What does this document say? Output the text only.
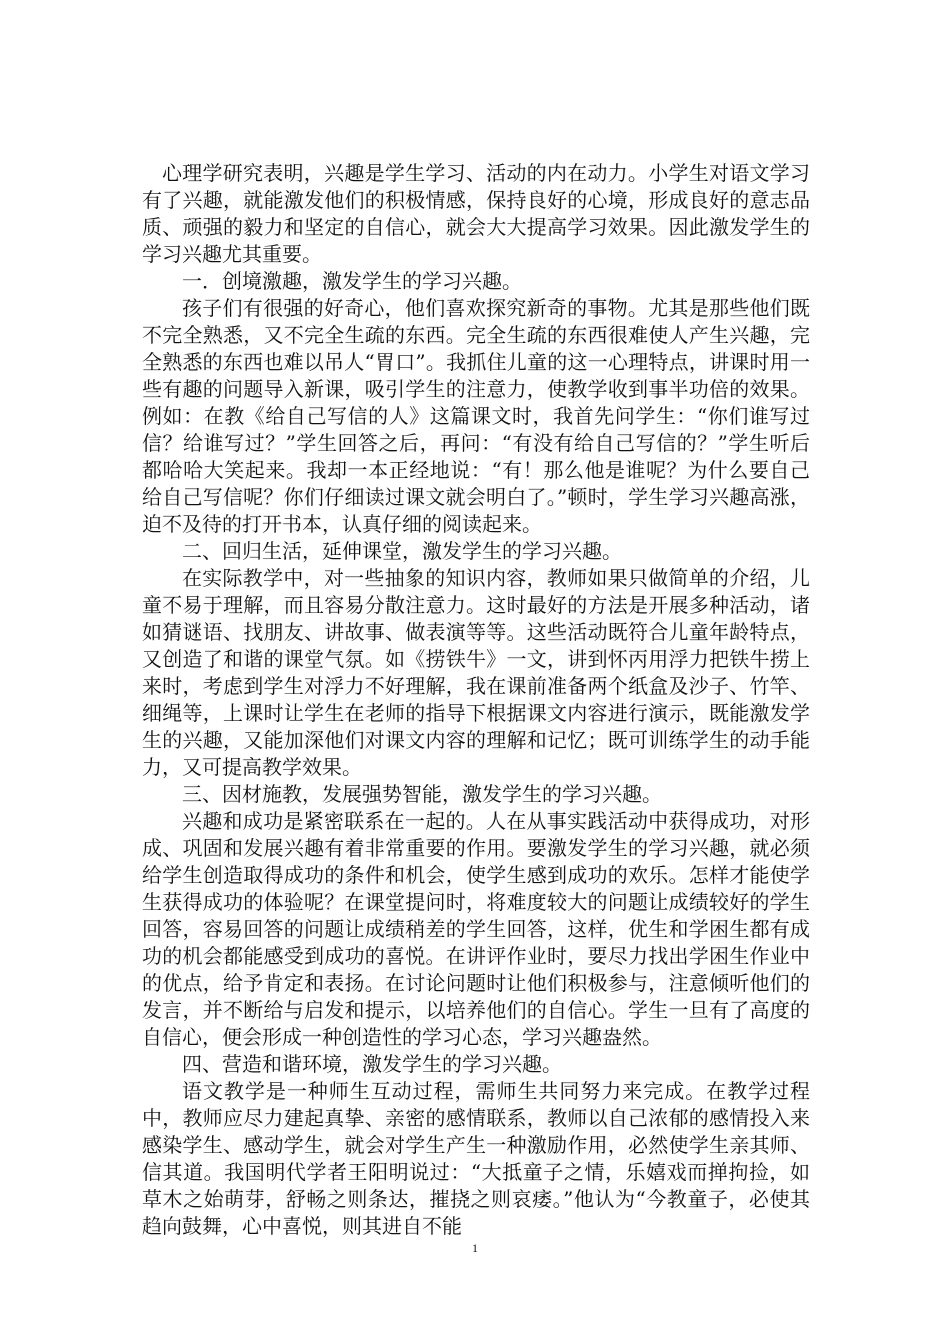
心理学研究表明，兴趣是学生学习、活动的内在动力。小学生对语文学习有了兴趣，就能激发他们的积极情感，保持良好的心境，形成良好的意志品质、顽强的毅力和坚定的自信心，就会大大提高学习效果。因此激发学生的学习兴趣尤其重要。

一．创境激趣，激发学生的学习兴趣。

孩子们有很强的好奇心，他们喜欢探究新奇的事物。尤其是那些他们既不完全熟悉，又不完全生疏的东西。完全生疏的东西很难使人产生兴趣，完全熟悉的东西也难以吊人“胃口”。我抓住儿童的这一心理特点，讲课时用一些有趣的问题导入新课，吸引学生的注意力，使教学收到事半功倍的效果。例如：在教《给自己写信的人》这篇课文时，我首先问学生：“你们谁写过信？给谁写过？”学生回答之后，再问：“有没有给自己写信的？”学生听后都哈哈大笑起来。我却一本正经地说：“有！那么他是谁呢？为什么要自己给自己写信呢？你们仔细读过课文就会明白了。”顿时，学生学习兴趣高涨，迫不及待的打开书本，认真仔细的阅读起来。

二、回归生活，延伸课堂，激发学生的学习兴趣。

在实际教学中，对一些抽象的知识内容，教师如果只做简单的介绍，儿童不易于理解，而且容易分散注意力。这时最好的方法是开展多种活动，诸如猜谜语、找朋友、讲故事、做表演等等。这些活动既符合儿童年龄特点，又创造了和谐的课堂气氛。如《捞铁牛》一文，讲到怀丙用浮力把铁牛捞上来时，考虑到学生对浮力不好理解，我在课前准备两个纸盒及沙子、竹竿、细绳等，上课时让学生在老师的指导下根据课文内容进行演示，既能激发学生的兴趣，又能加深他们对课文内容的理解和记忆；既可训练学生的动手能力，又可提高教学效果。

三、因材施教，发展强势智能，激发学生的学习兴趣。

兴趣和成功是紧密联系在一起的。人在从事实践活动中获得成功，对形成、巩固和发展兴趣有着非常重要的作用。要激发学生的学习兴趣，就必须给学生创造取得成功的条件和机会，使学生感到成功的欢乐。怎样才能使学生获得成功的体验呢？在课堂提问时，将难度较大的问题让成绩较好的学生回答，容易回答的问题让成绩稍差的学生回答，这样，优生和学困生都有成功的机会都能感受到成功的喜悦。在讲评作业时，要尽力找出学困生作业中的优点，给予肯定和表扬。在讨论问题时让他们积极参与，注意倾听他们的发言，并不断给与启发和提示，以培养他们的自信心。学生一旦有了高度的自信心，便会形成一种创造性的学习心态，学习兴趣盎然。

四、营造和谐环境，激发学生的学习兴趣。

语文教学是一种师生互动过程，需师生共同努力来完成。在教学过程中，教师应尽力建起真挚、亲密的感情联系，教师以自己浓郁的感情投入来感染学生、感动学生，就会对学生产生一种激励作用，必然使学生亲其师、信其道。我国明代学者王阳明说过：“大抵童子之情，乐嬉戏而掸拘捡，如草木之始萌芽，舒畅之则条达，摧挠之则哀痿。”他认为“今教童子，必使其趋向鼓舞，心中喜悦，则其进自不能

1
